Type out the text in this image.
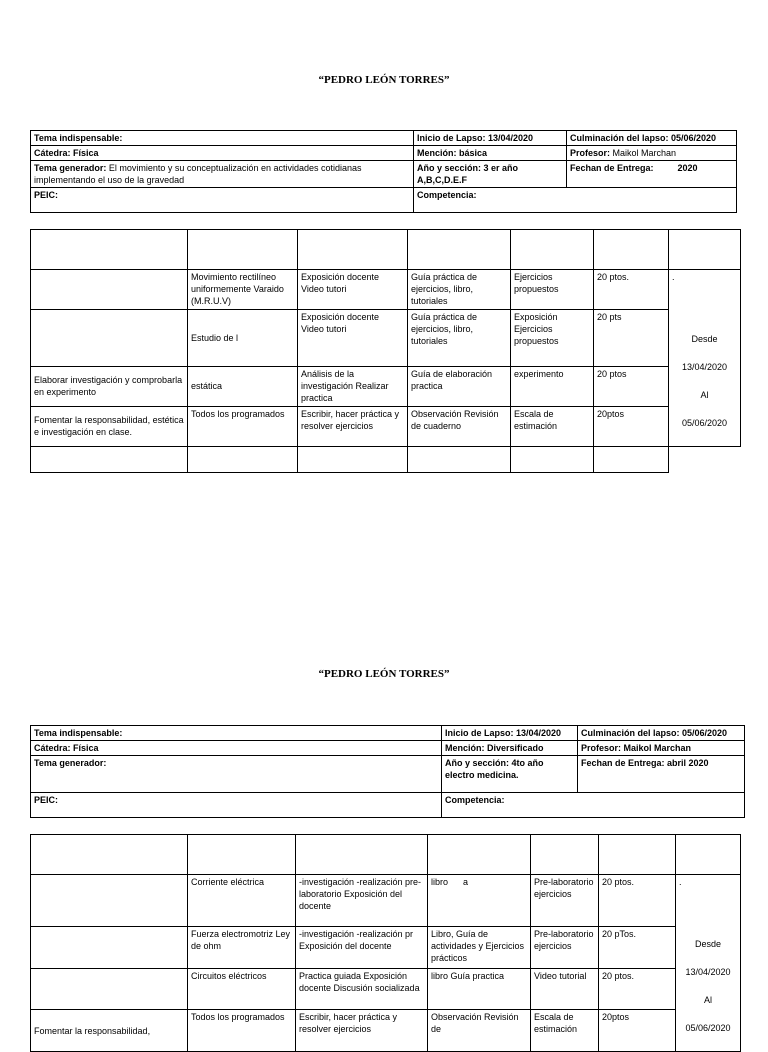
“PEDRO LEÓN TORRES”
Tema indispensable:	Inicio de Lapso: 13/04/2020	Culminación del lapso: 05/06/2020
Cátedra: Física	Mención: básica	Profesor: Maikol Marchan
Tema generador: El movimiento y su conceptualización en actividades cotidianas implementando el uso de la gravedad	Año y sección: 3 er año A,B,C,D.E.F	Fechan de Entrega: 2020
PEIC:	Competencia:	

	Movimiento rectilíneo uniformemente Varaido (M.R.U.V)	Exposición docente Video tutori	Guía práctica de ejercicios, libro, tutoriales	Ejercicios propuestos	20 ptos.	.
Desde
13/04/2020
Al
05/06/2020

	Estudio de l	Exposición docente Video tutori	Guía práctica de ejercicios, libro, tutoriales	Exposición Ejercicios propuestos	20 pts	
Elaborar investigación y comprobarla en experimento	estática	Análisis de la investigación Realizar practica	Guía de elaboración practica	experimento	20 ptos	
Fomentar la responsabilidad, estética e investigación en clase.	Todos los programados	Escribir, hacer práctica y resolver ejercicios	Observación Revisión de cuaderno	Escala de estimación	20ptos	

“PEDRO LEÓN TORRES”
Tema indispensable:	Inicio de Lapso: 13/04/2020	Culminación del lapso: 05/06/2020
Cátedra: Física	Mención: Diversificado	Profesor: Maikol Marchan
Tema generador:	Año y sección: 4to año electro medicina.	Fechan de Entrega: abril 2020
PEIC:	Competencia:	

	Corriente eléctrica	-investigación -realización pre-laboratorio Exposición del docente	libro      a	Pre-laboratorio ejercicios	20 ptos.	.
Desde
13/04/2020
Al
05/06/2020

	Fuerza electromotriz Ley de ohm	-investigación -realización pr Exposición del docente	Libro, Guía de actividades y Ejercicios prácticos	Pre-laboratorio ejercicios	20 pTos.	
	Circuitos eléctricos	Practica guiada Exposición docente Discusión socializada	libro Guía practica	Video tutorial	20 ptos.	
Fomentar la responsabilidad,	Todos los programados	Escribir, hacer práctica y resolver ejercicios	Observación Revisión de	Escala de estimación	20ptos	
